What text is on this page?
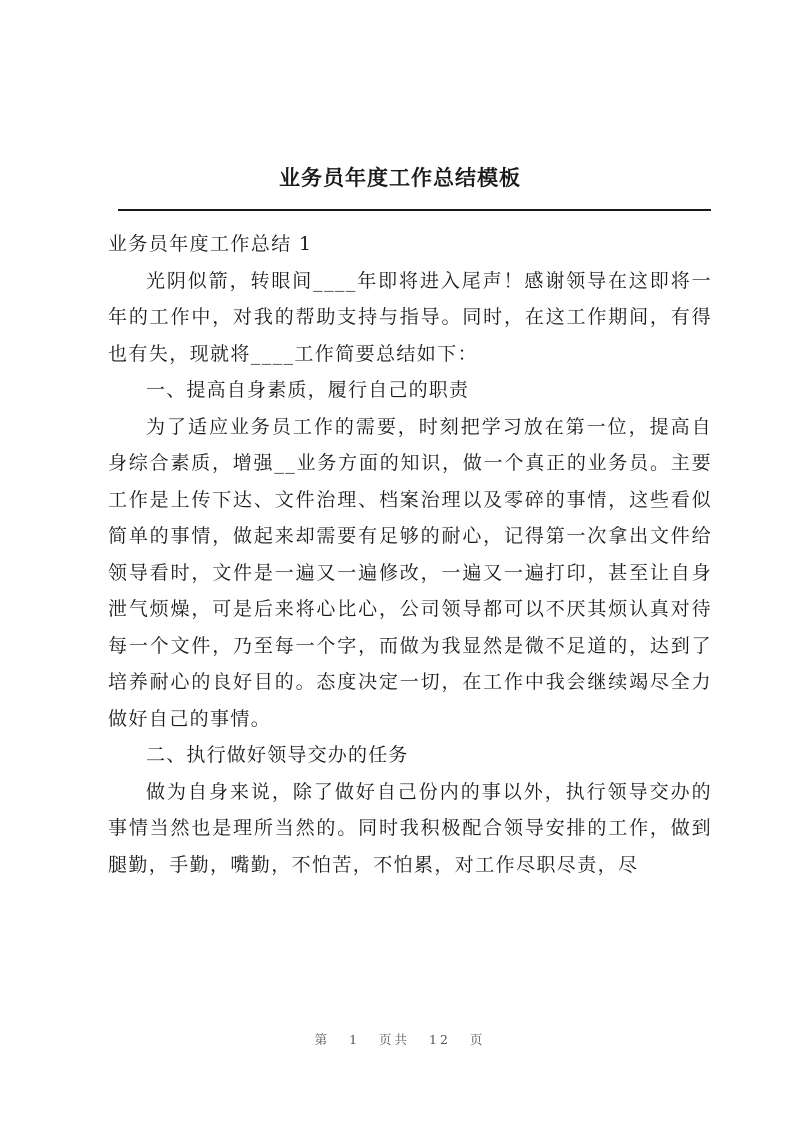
业务员年度工作总结模板

业务员年度工作总结 1

光阴似箭，转眼间____年即将进入尾声！感谢领导在这即将一年的工作中，对我的帮助支持与指导。同时，在这工作期间，有得也有失，现就将____工作简要总结如下：

一、提高自身素质，履行自己的职责

为了适应业务员工作的需要，时刻把学习放在第一位，提高自身综合素质，增强__业务方面的知识，做一个真正的业务员。主要工作是上传下达、文件治理、档案治理以及零碎的事情，这些看似简单的事情，做起来却需要有足够的耐心，记得第一次拿出文件给领导看时，文件是一遍又一遍修改，一遍又一遍打印，甚至让自身泄气烦燥，可是后来将心比心，公司领导都可以不厌其烦认真对待每一个文件，乃至每一个字，而做为我显然是微不足道的，达到了培养耐心的良好目的。态度决定一切，在工作中我会继续竭尽全力做好自己的事情。

二、执行做好领导交办的任务

做为自身来说，除了做好自己份内的事以外，执行领导交办的事情当然也是理所当然的。同时我积极配合领导安排的工作，做到腿勤，手勤，嘴勤，不怕苦，不怕累，对工作尽职尽责，尽

第 1 页共 12 页
